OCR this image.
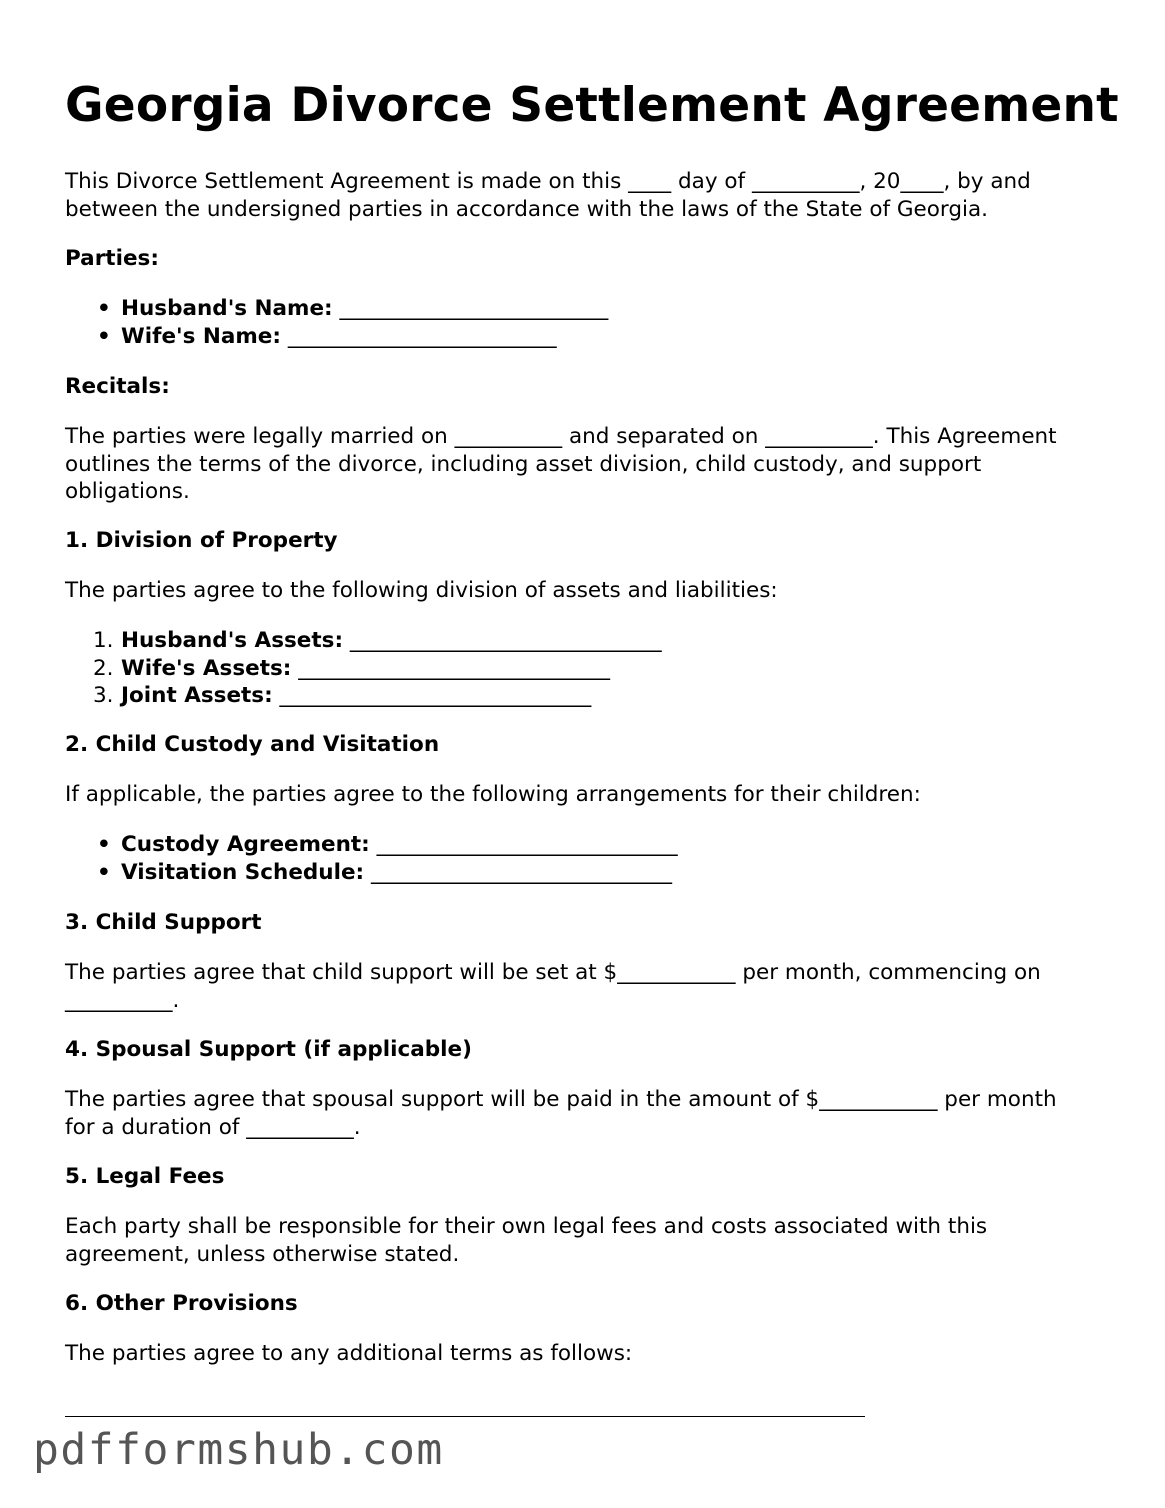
Georgia Divorce Settlement Agreement

This Divorce Settlement Agreement is made on this ____ day of __________, 20____, by and between the undersigned parties in accordance with the laws of the State of Georgia.

Parties:

• Husband's Name: _________________________
• Wife's Name: _________________________

Recitals:

The parties were legally married on __________ and separated on __________. This Agreement outlines the terms of the divorce, including asset division, child custody, and support obligations.

1. Division of Property

The parties agree to the following division of assets and liabilities:

1. Husband's Assets: _____________________________
2. Wife's Assets: _____________________________
3. Joint Assets: _____________________________

2. Child Custody and Visitation

If applicable, the parties agree to the following arrangements for their children:

• Custody Agreement: ____________________________
• Visitation Schedule: ____________________________

3. Child Support

The parties agree that child support will be set at $___________ per month, commencing on __________.

4. Spousal Support (if applicable)

The parties agree that spousal support will be paid in the amount of $___________ per month for a duration of __________.

5. Legal Fees

Each party shall be responsible for their own legal fees and costs associated with this agreement, unless otherwise stated.

6. Other Provisions

The parties agree to any additional terms as follows:

pdfformshub.com
